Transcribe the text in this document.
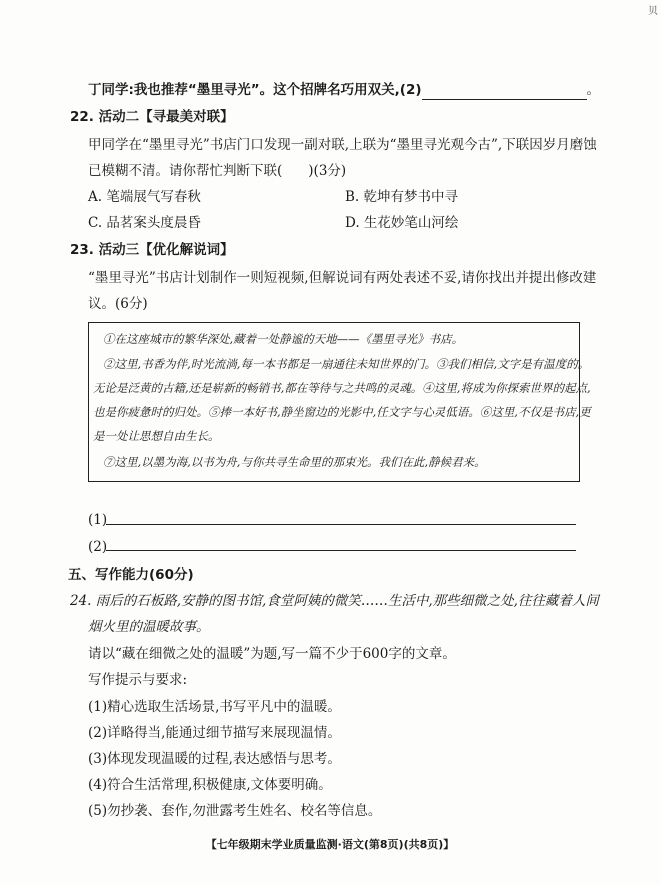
贝
丁同学:我也推荐“墨里寻光”。这个招牌名巧用双关,(2)	。
22. 活动二【寻最美对联】
甲同学在“墨里寻光”书店门口发现一副对联,上联为“墨里寻光观今古”,下联因岁月磨蚀
已模糊不清。请你帮忙判断下联( )(3分)
A. 笔端展气写春秋	B. 乾坤有梦书中寻
C. 品茗案头度晨昏	D. 生花妙笔山河绘
23. 活动三【优化解说词】
“墨里寻光”书店计划制作一则短视频,但解说词有两处表述不妥,请你找出并提出修改建
议。(6分)
①在这座城市的繁华深处,藏着一处静谧的天地——《墨里寻光》书店。
②这里,书香为伴,时光流淌,每一本书都是一扇通往未知世界的门。③我们相信,文字是有温度的。
无论是泛黄的古籍,还是崭新的畅销书,都在等待与之共鸣的灵魂。④这里,将成为你探索世界的起点,
也是你疲惫时的归处。⑤捧一本好书,静坐窗边的光影中,任文字与心灵低语。⑥这里,不仅是书店,更
是一处让思想自由生长。
⑦这里,以墨为海,以书为舟,与你共寻生命里的那束光。我们在此,静候君来。
(1)
(2)
五、写作能力(60分)
24. 雨后的石板路,安静的图书馆,食堂阿姨的微笑……生活中,那些细微之处,往往藏着人间
烟火里的温暖故事。
请以“藏在细微之处的温暖”为题,写一篇不少于600字的文章。
写作提示与要求:
(1)精心选取生活场景,书写平凡中的温暖。
(2)详略得当,能通过细节描写来展现温情。
(3)体现发现温暖的过程,表达感悟与思考。
(4)符合生活常理,积极健康,文体要明确。
(5)勿抄袭、套作,勿泄露考生姓名、校名等信息。
【七年级期末学业质量监测·语文(第8页)(共8页)】
